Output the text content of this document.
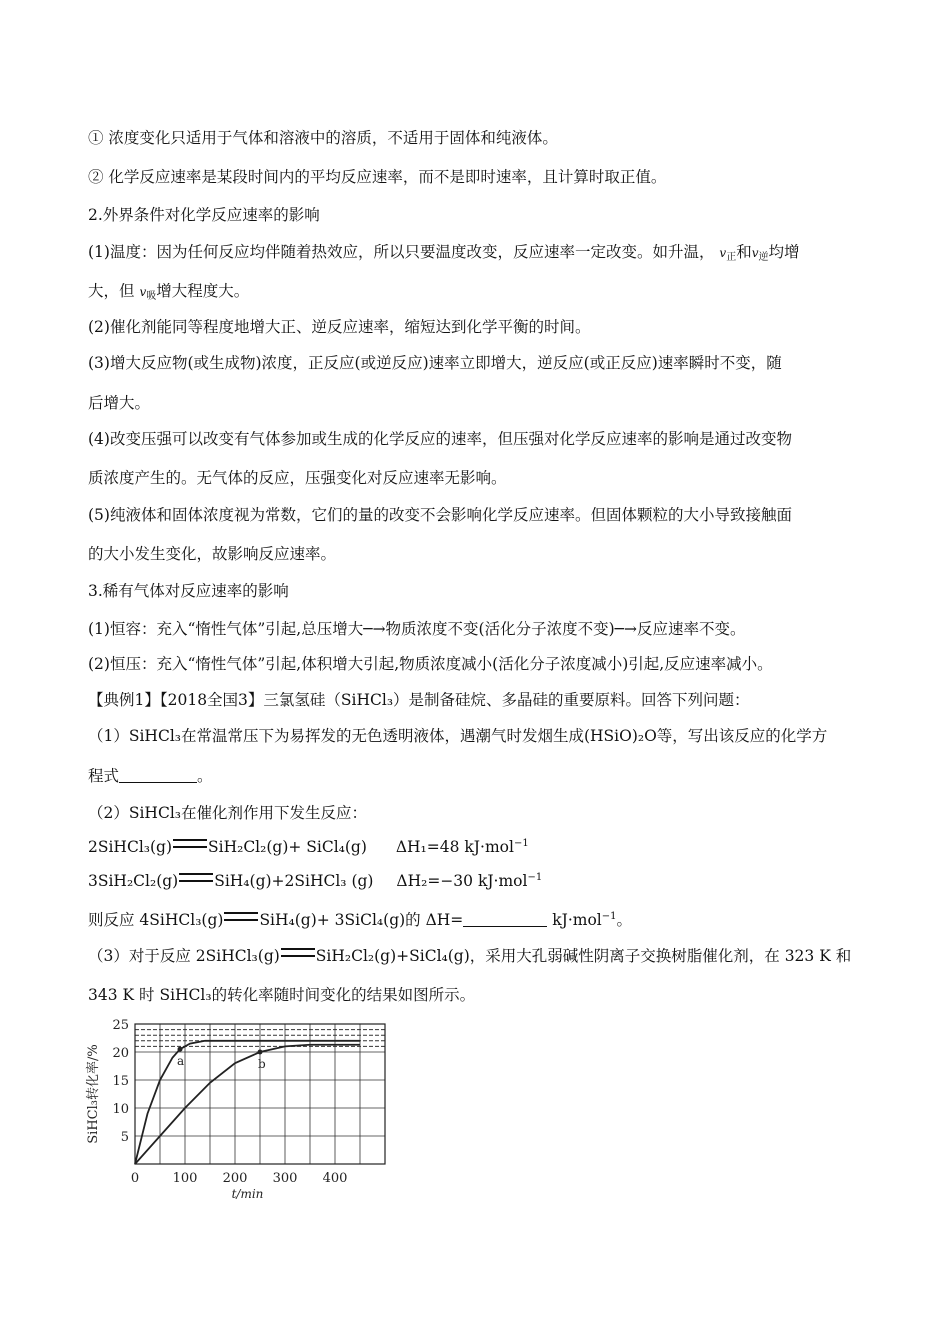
① 浓度变化只适用于气体和溶液中的溶质，不适用于固体和纯液体。
② 化学反应速率是某段时间内的平均反应速率，而不是即时速率，且计算时取正值。
2.外界条件对化学反应速率的影响
(1)温度：因为任何反应均伴随着热效应，所以只要温度改变，反应速率一定改变。如升温， $v_正$和$v_逆$均增
大，但 $v_吸$增大程度大。
(2)催化剂能同等程度地增大正、逆反应速率，缩短达到化学平衡的时间。
(3)增大反应物(或生成物)浓度，正反应(或逆反应)速率立即增大，逆反应(或正反应)速率瞬时不变，随
后增大。
(4)改变压强可以改变有气体参加或生成的化学反应的速率，但压强对化学反应速率的影响是通过改变物
质浓度产生的。无气体的反应，压强变化对反应速率无影响。
(5)纯液体和固体浓度视为常数，它们的量的改变不会影响化学反应速率。但固体颗粒的大小导致接触面
的大小发生变化，故影响反应速率。
3.稀有气体对反应速率的影响
(1)恒容：充入“惰性气体”引起,总压增大─→物质浓度不变(活化分子浓度不变)─→反应速率不变。
(2)恒压：充入“惰性气体”引起,体积增大引起,物质浓度减小(活化分子浓度减小)引起,反应速率减小。
【典例1】【2018全国3】三氯氢硅（SiHCl₃）是制备硅烷、多晶硅的重要原料。回答下列问题：
（1）SiHCl₃在常温常压下为易挥发的无色透明液体，遇潮气时发烟生成(HSiO)₂O等，写出该反应的化学方
程式	。
（2）SiHCl₃在催化剂作用下发生反应：
2SiHCl₃(g) SiH₂Cl₂(g)+ SiCl₄(g) ΔH₁=48 kJ·mol$^{-1}$
3SiH₂Cl₂(g) SiH₄(g)+2SiHCl₃ (g) ΔH₂=−30 kJ·mol$^{-1}$
则反应 4SiHCl₃(g) SiH₄(g)+ 3SiCl₄(g)的 ΔH=	kJ·mol$^{-1}$。
（3）对于反应 2SiHCl₃(g) SiH₂Cl₂(g)+SiCl₄(g)，采用大孔弱碱性阴离子交换树脂催化剂，在 323 K 和
343 K 时 SiHCl₃的转化率随时间变化的结果如图所示。
a	b
5
10
15
20
25
0	100 200 300 400
t/min
SiHCl₃转化率/%
